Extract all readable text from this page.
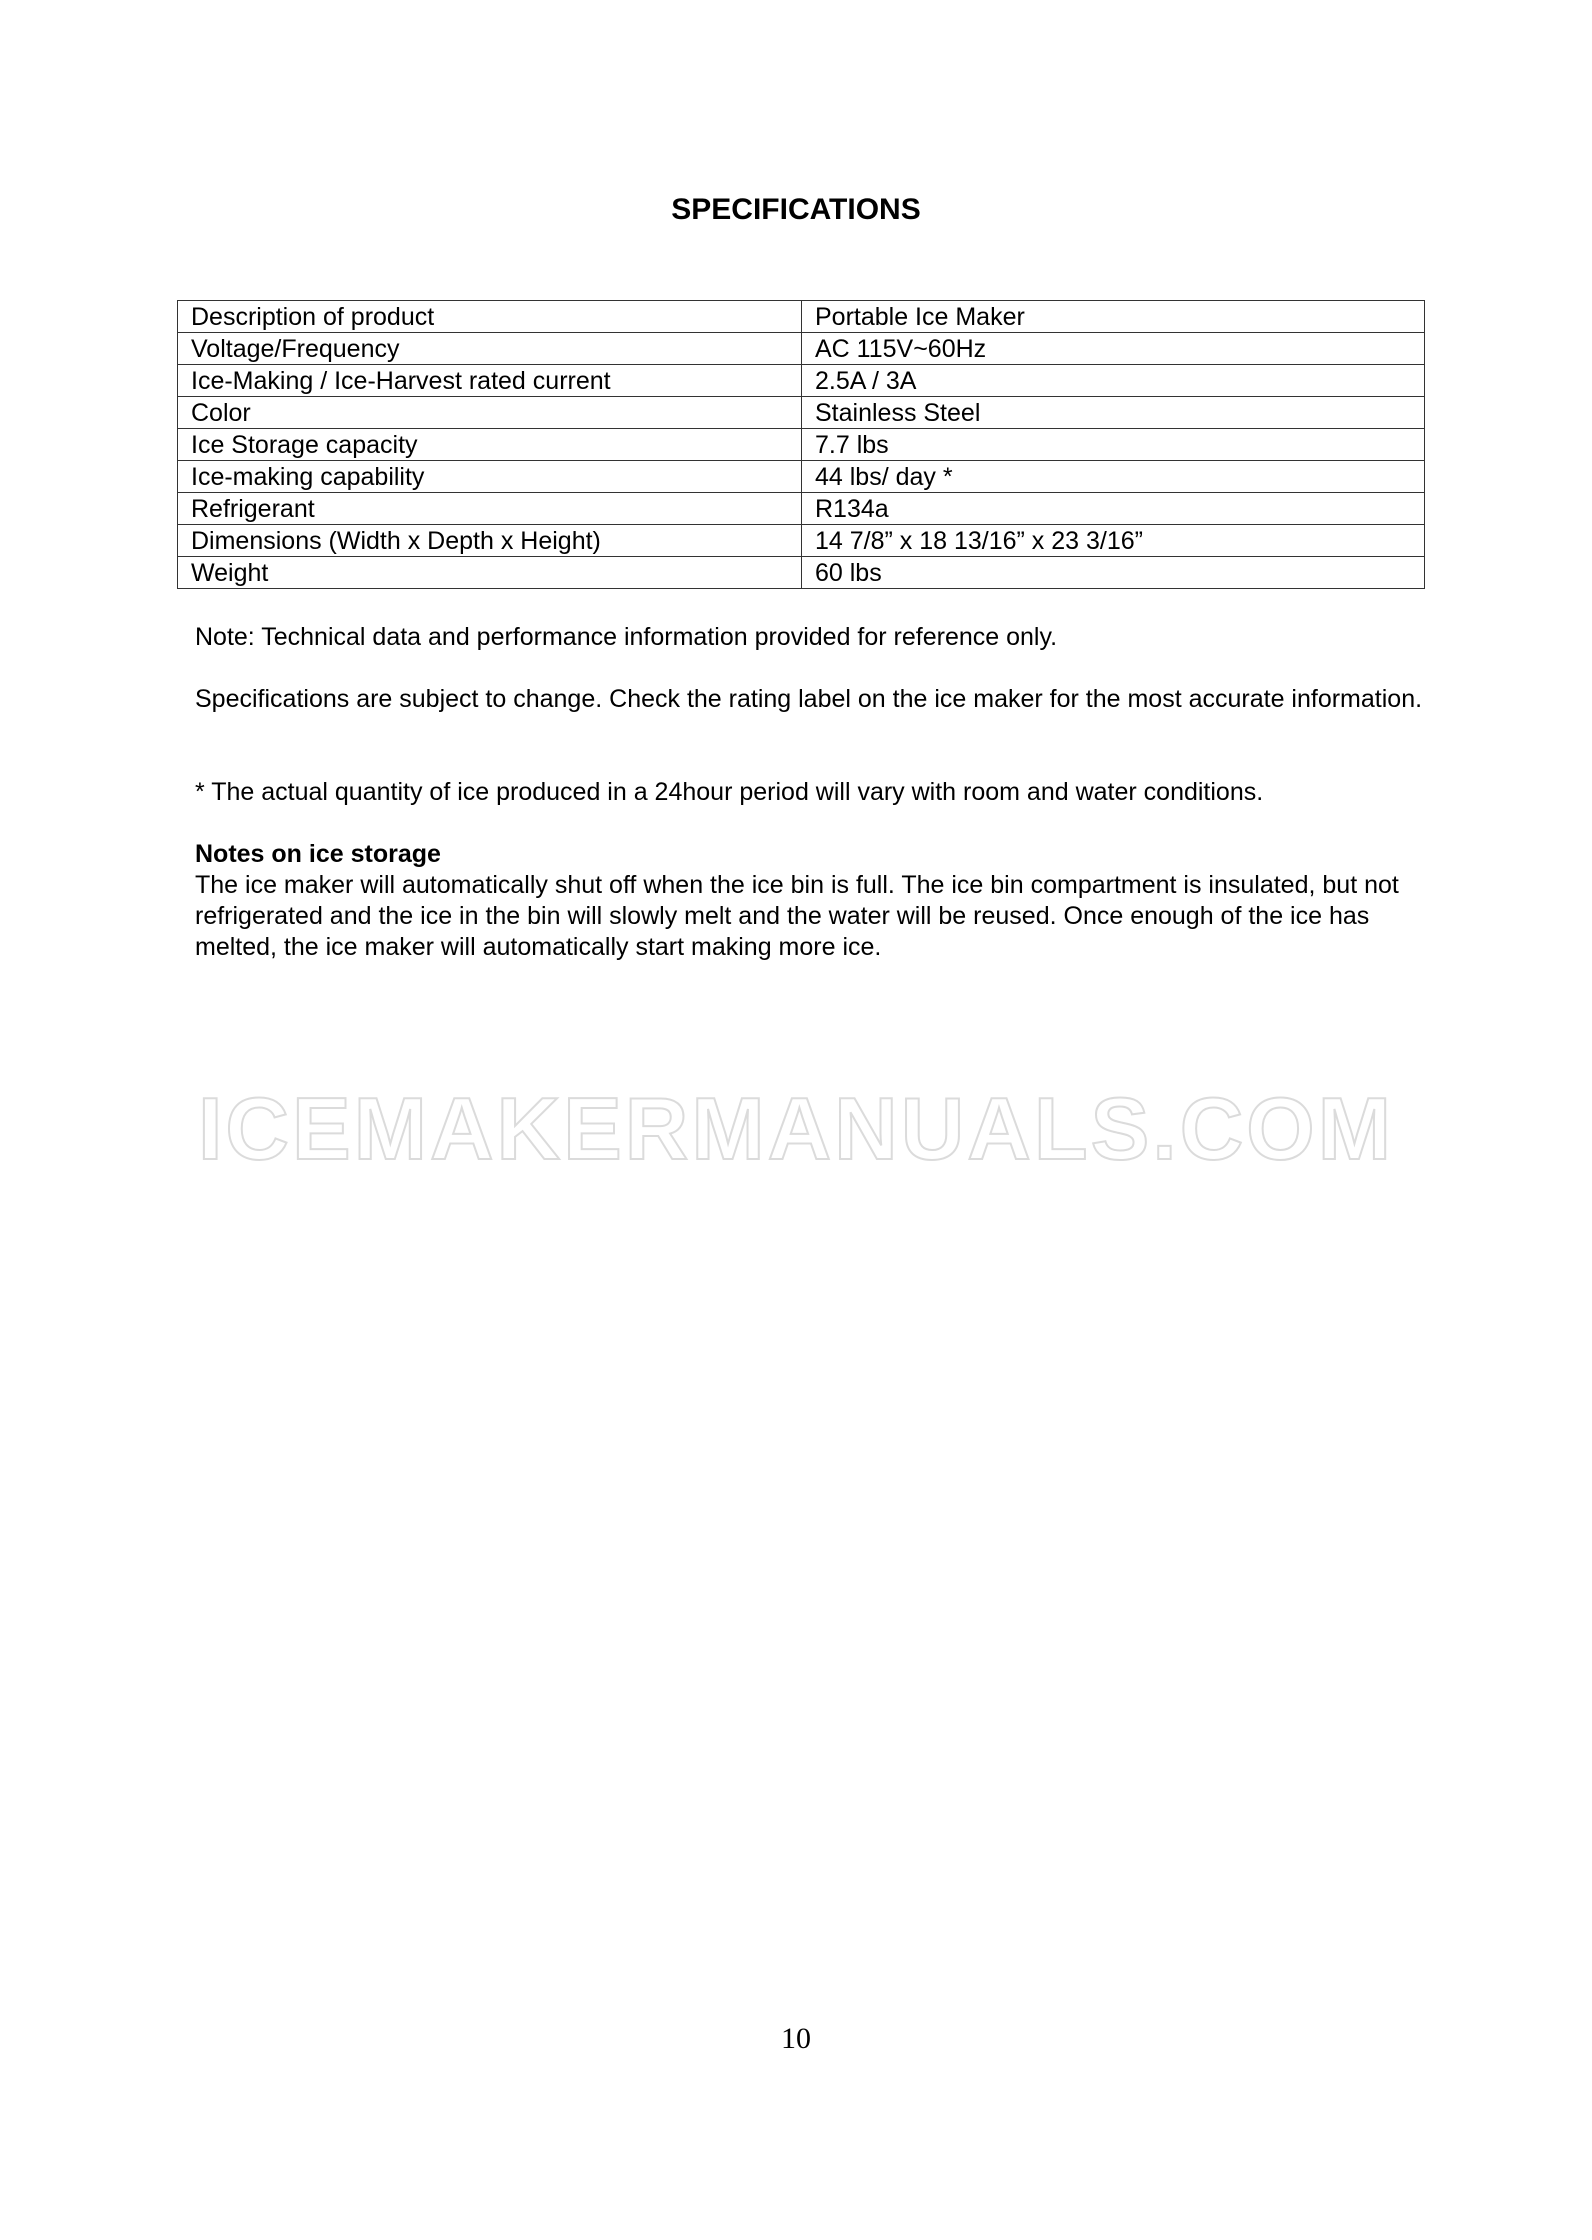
SPECIFICATIONS
Description of product	Portable Ice Maker
Voltage/Frequency	AC 115V~60Hz
Ice-Making / Ice-Harvest rated current	2.5A / 3A
Color	Stainless Steel
Ice Storage capacity	7.7 lbs
Ice-making capability	44 lbs/ day *
Refrigerant	R134a
Dimensions (Width x Depth x Height)	14 7/8” x 18 13/16” x 23 3/16”
Weight	60 lbs
Note: Technical data and performance information provided for reference only.
Specifications are subject to change. Check the rating label on the ice maker for the most accurate information.
* The actual quantity of ice produced in a 24hour period will vary with room and water conditions.
Notes on ice storage
The ice maker will automatically shut off when the ice bin is full. The ice bin compartment is insulated, but not refrigerated and the ice in the bin will slowly melt and the water will be reused. Once enough of the ice has melted, the ice maker will automatically start making more ice.
ICEMAKERMANUALS.COM
10
